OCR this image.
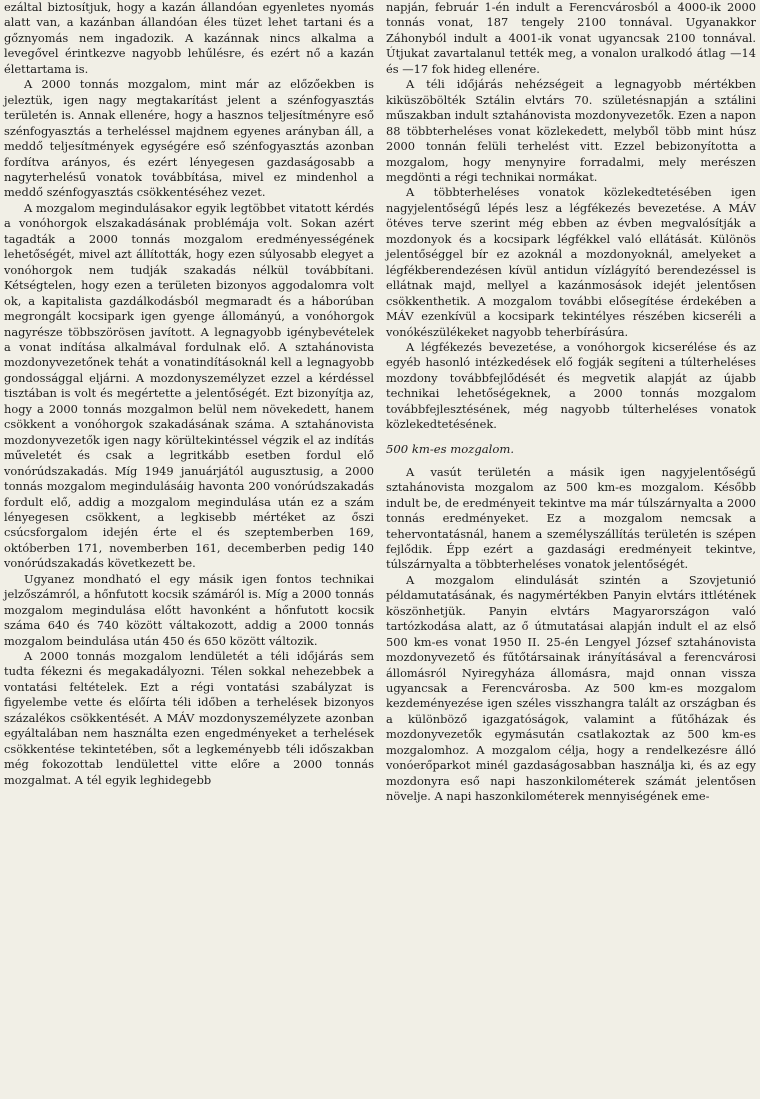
ezáltal biztosítjuk, hogy a kazán állandóan egyenletes nyomás alatt van, a kazánban állandóan éles tüzet lehet tartani és a gőznyomás nem ingadozik. A kazánnak nincs alkalma a levegővel érintkezve nagyobb lehűlésre, és ezért nő a kazán élettartama is.

A 2000 tonnás mozgalom, mint már az előzőekben is jeleztük, igen nagy megtakarítást jelent a szénfogyasztás területén is. Annak ellenére, hogy a hasznos teljesítményre eső szénfogyasztás a terheléssel majdnem egyenes arányban áll, a meddő teljesítmények egységére eső szénfogyasztás azonban fordítva arányos, és ezért lényegesen gazdaságosabb a nagyterhelésű vonatok továbbítása, mivel ez mindenhol a meddő szénfogyasztás csökkentéséhez vezet.

A mozgalom megindulásakor egyik legtöbbet vitatott kérdés a vonóhorgok elszakadásának problémája volt. Sokan azért tagadták a 2000 tonnás mozgalom eredményességének lehetőségét, mivel azt állították, hogy ezen súlyosabb elegyet a vonóhorgok nem tudják szakadás nélkül továbbítani. Kétségtelen, hogy ezen a területen bizonyos aggodalomra volt ok, a kapitalista gazdálkodásból megmaradt és a háborúban megrongált kocsipark igen gyenge állományú, a vonóhorgok nagyrésze többszörösen javított. A legnagyobb igénybevételek a vonat indítása alkalmával fordulnak elő. A sztahánovista mozdonyvezetőnek tehát a vonatindításoknál kell a legnagyobb gondossággal eljárni. A mozdonyszemélyzet ezzel a kérdéssel tisztában is volt és megértette a jelentőségét. Ezt bizonyítja az, hogy a 2000 tonnás mozgalmon belül nem növekedett, hanem csökkent a vonóhorgok szakadásának száma. A sztahánovista mozdonyvezetők igen nagy körültekintéssel végzik el az indítás műveletét és csak a legritkább esetben fordul elő vonórúdszakadás. Míg 1949 januárjától augusztusig, a 2000 tonnás mozgalom megindulásáig havonta 200 vonórúdszakadás fordult elő, addig a mozgalom megindulása után ez a szám lényegesen csökkent, a legkisebb mértéket az őszi csúcsforgalom idején érte el és szeptemberben 169, októberben 171, novemberben 161, decemberben pedig 140 vonórúdszakadás következett be.

Ugyanez mondható el egy másik igen fontos technikai jelzőszámról, a hőnfutott kocsik számáról is. Míg a 2000 tonnás mozgalom megindulása előtt havonként a hőnfutott kocsik száma 640 és 740 között váltakozott, addig a 2000 tonnás mozgalom beindulása után 450 és 650 között változik.

A 2000 tonnás mozgalom lendületét a téli időjárás sem tudta fékezni és megakadályozni. Télen sokkal nehezebbek a vontatási feltételek. Ezt a régi vontatási szabályzat is figyelembe vette és előírta téli időben a terhelések bizonyos százalékos csökkentését. A MÁV mozdonyszemélyzete azonban egyáltalában nem használta ezen engedményeket a terhelések csökkentése tekintetében, sőt a legkeményebb téli időszakban még fokozottab lendülettel vitte előre a 2000 tonnás mozgalmat. A tél egyik leghidegebb

napján, február 1-én indult a Ferencvárosból a 4000-ik 2000 tonnás vonat, 187 tengely 2100 tonnával. Ugyanakkor Záhonyból indult a 4001-ik vonat ugyancsak 2100 tonnával. Útjukat zavartalanul tették meg, a vonalon uralkodó átlag —14 és —17 fok hideg ellenére.

A téli időjárás nehézségeit a legnagyobb mértékben kiküszöbölték Sztálin elvtárs 70. születésnapján a sztálini műszakban indult sztahánovista mozdonyvezetők. Ezen a napon 88 többterheléses vonat közlekedett, melyből több mint húsz 2000 tonnán felüli terhelést vitt. Ezzel bebizonyította a mozgalom, hogy menynyire forradalmi, mely merészen megdönti a régi technikai normákat.

A többterheléses vonatok közlekedtetésében igen nagyjelentőségű lépés lesz a légfékezés bevezetése. A MÁV ötéves terve szerint még ebben az évben megvalósítják a mozdonyok és a kocsipark légfékkel való ellátását. Különös jelentőséggel bír ez azoknál a mozdonyoknál, amelyeket a légfékberendezésen kívül antidun vízlágyító berendezéssel is ellátnak majd, mellyel a kazánmosások idejét jelentősen csökkenthetik. A mozgalom további elősegítése érdekében a MÁV ezenkívül a kocsipark tekintélyes részében kicseréli a vonókészülékeket nagyobb teherbírásúra.

A légfékezés bevezetése, a vonóhorgok kicserélése és az egyéb hasonló intézkedések elő fogják segíteni a túlterheléses mozdony továbbfejlődését és megvetik alapját az újabb technikai lehetőségeknek, a 2000 tonnás mozgalom továbbfejlesztésének, még nagyobb túlterheléses vonatok közlekedtetésének.

500 km-es mozgalom.

A vasút területén a másik igen nagyjelentőségű sztahánovista mozgalom az 500 km-es mozgalom. Később indult be, de eredményeit tekintve ma már túlszárnyalta a 2000 tonnás eredményeket. Ez a mozgalom nemcsak a tehervontatásnál, hanem a személyszállítás területén is szépen fejlődik. Épp ezért a gazdasági eredményeit tekintve, túlszárnyalta a többterheléses vonatok jelentőségét.

A mozgalom elindulását szintén a Szovjetunió példamutatásának, és nagymértékben Panyin elvtárs ittlétének köszönhetjük. Panyin elvtárs Magyarországon való tartózkodása alatt, az ő útmutatásai alapján indult el az első 500 km-es vonat 1950 II. 25-én Lengyel József sztahánovista mozdonyvezető és fűtőtársainak irányításával a ferencvárosi állomásról Nyiregyháza állomásra, majd onnan vissza ugyancsak a Ferencvárosba. Az 500 km-es mozgalom kezdeményezése igen széles visszhangra talált az országban és a különböző igazgatóságok, valamint a fűtőházak és mozdonyvezetők egymásután csatlakoztak az 500 km-es mozgalomhoz. A mozgalom célja, hogy a rendelkezésre álló vonóerőparkot minél gazdaságosabban használja ki, és az egy mozdonyra eső napi haszonkilométerek számát jelentősen növelje. A napi haszonkilométerek mennyiségének eme-
